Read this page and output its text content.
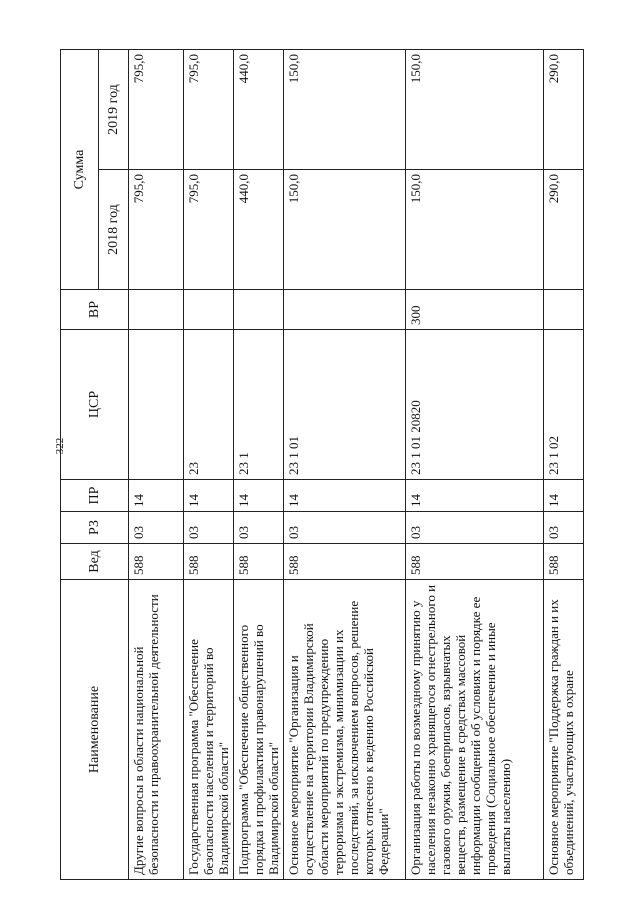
322
Наименование	Вед	РЗ	ПР	ЦСР	ВР	Сумма	
						2018 год	2019 год
Другие вопросы в области национальной безопасности и правоохранительной деятельности	588	03	14			795,0	795,0
Государственная программа "Обеспечение безопасности населения и территорий во Владимирской области"	588	03	14	23		795,0	795,0
Подпрограмма "Обеспечение общественного порядка и профилактики правонарушений во Владимирской области"	588	03	14	23 1		440,0	440,0
Основное мероприятие "Организация и осуществление на территории Владимирской области мероприятий по предупреждению терроризма и экстремизма, минимизации их последствий, за исключением вопросов, решение которых отнесено к ведению Российской Федерации"	588	03	14	23 1 01		150,0	150,0
Организация работы по возмездному принятию у населения незаконно хранящегося огнестрельного и газового оружия, боеприпасов, взрывчатых веществ, размещение в средствах массовой информации сообщений об условиях и порядке ее проведения (Социальное обеспечение и иные выплаты населению)	588	03	14	23 1 01 20820	300	150,0	150,0
Основное мероприятие "Поддержка граждан и их объединений, участвующих в охране	588	03	14	23 1 02		290,0	290,0
